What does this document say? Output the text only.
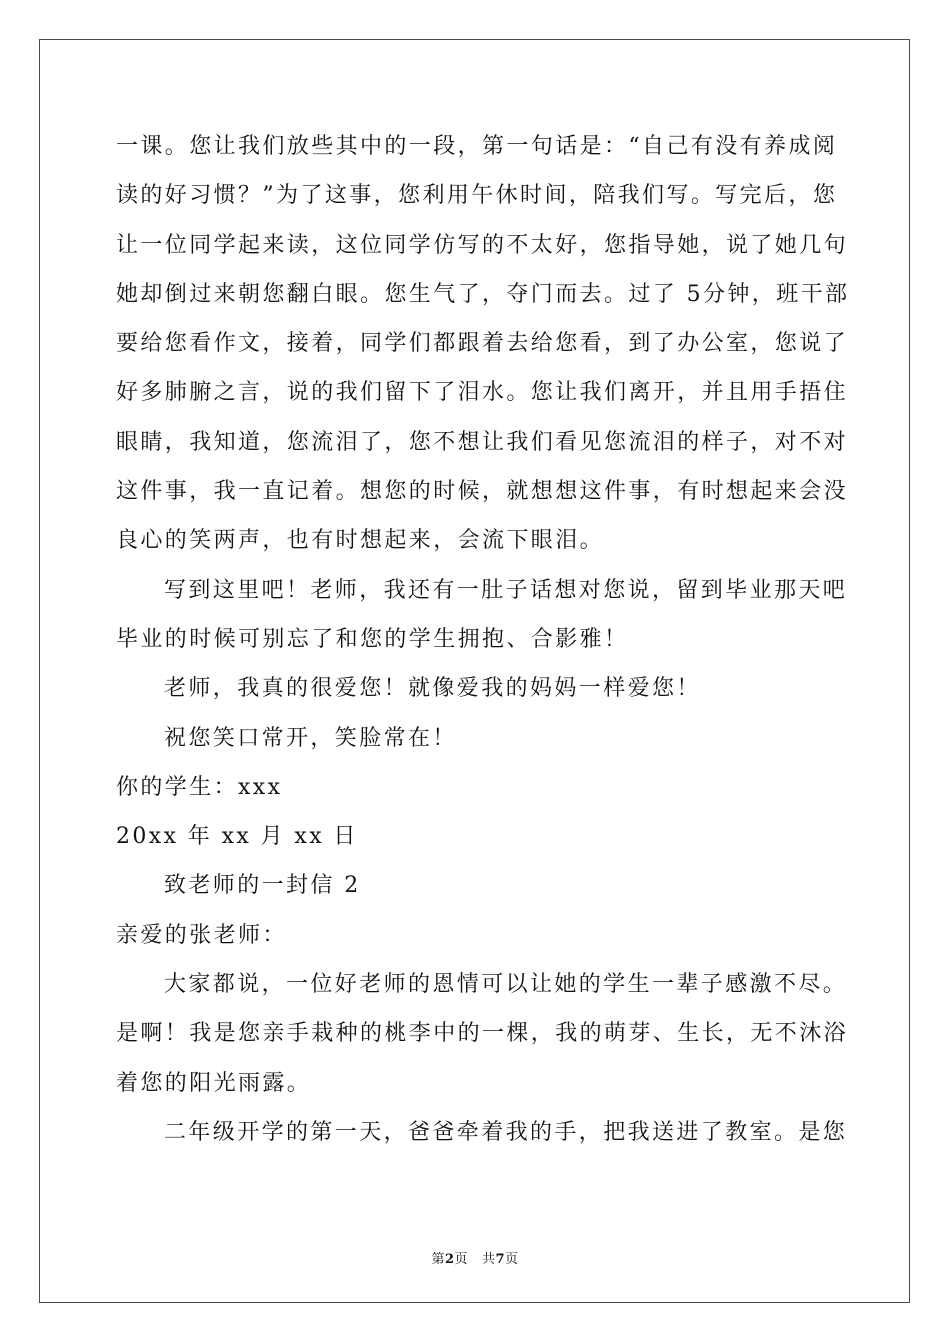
一课。您让我们放些其中的一段，第一句话是：“自己有没有养成阅
读的好习惯？”为了这事，您利用午休时间，陪我们写。写完后，您
让一位同学起来读，这位同学仿写的不太好，您指导她，说了她几句
她却倒过来朝您翻白眼。您生气了，夺门而去。过了 5分钟，班干部
要给您看作文，接着，同学们都跟着去给您看，到了办公室，您说了
好多肺腑之言，说的我们留下了泪水。您让我们离开，并且用手捂住
眼睛，我知道，您流泪了，您不想让我们看见您流泪的样子，对不对
这件事，我一直记着。想您的时候，就想想这件事，有时想起来会没
良心的笑两声，也有时想起来，会流下眼泪。
写到这里吧！老师，我还有一肚子话想对您说，留到毕业那天吧
毕业的时候可别忘了和您的学生拥抱、合影雅！
老师，我真的很爱您！就像爱我的妈妈一样爱您！
祝您笑口常开，笑脸常在！
你的学生：xxx
20xx 年 xx 月 xx 日
致老师的一封信 2
亲爱的张老师：
大家都说，一位好老师的恩情可以让她的学生一辈子感激不尽。
是啊！我是您亲手栽种的桃李中的一棵，我的萌芽、生长，无不沐浴
着您的阳光雨露。
二年级开学的第一天，爸爸牵着我的手，把我送进了教室。是您
第2页 共7页
